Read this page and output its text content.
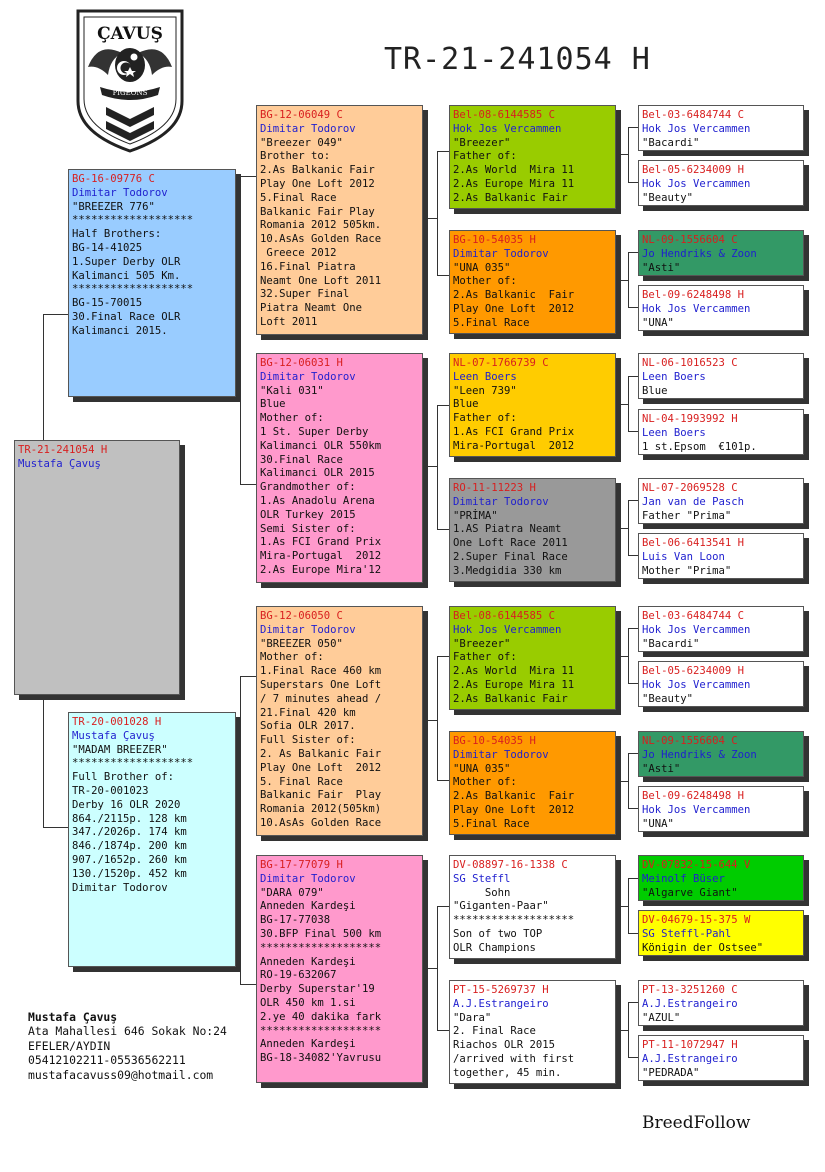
ÇAVUŞ
PIGEONS
TR-21-241054 H
TR-21-241054 H
Mustafa Çavuş
BG-16-09776 C
Dimitar Todorov
"BREEZER 776"
*******************
Half Brothers:
BG-14-41025
1.Super Derby OLR
Kalimanci 505 Km.
*******************
BG-15-70015
30.Final Race OLR
Kalimanci 2015.
TR-20-001028 H
Mustafa Çavuş
"MADAM BREEZER"
*******************
Full Brother of:
TR-20-001023
Derby 16 OLR 2020
864./2115p. 128 km
347./2026p. 174 km
846./1874p. 200 km
907./1652p. 260 km
130./1520p. 452 km
Dimitar Todorov
BG-12-06049 C
Dimitar Todorov
"Breezer 049"
Brother to:
2.As Balkanic Fair
Play One Loft 2012
5.Final Race
Balkanic Fair Play
Romania 2012 505km.
10.AsAs Golden Race
Greece 2012
16.Final Piatra
Neamt One Loft 2011
32.Super Final
Piatra Neamt One
Loft 2011
BG-12-06031 H
Dimitar Todorov
"Kali 031"
Blue
Mother of:
1 St. Super Derby
Kalimanci OLR 550km
30.Final Race
Kalimanci OLR 2015
Grandmother of:
1.As Anadolu Arena
OLR Turkey 2015
Semi Sister of:
1.As FCI Grand Prix
Mira-Portugal  2012
2.As Europe Mira'12
BG-12-06050 C
Dimitar Todorov
"BREEZER 050"
Mother of:
1.Final Race 460 km
Superstars One Loft
/ 7 minutes ahead /
21.Final 420 km
Sofia OLR 2017.
Full Sister of:
2. As Balkanic Fair
Play One Loft  2012
5. Final Race
Balkanic Fair  Play
Romania 2012(505km)
10.AsAs Golden Race
BG-17-77079 H
Dimitar Todorov
"DARA 079"
Anneden Kardeşi
BG-17-77038
30.BFP Final 500 km
*******************
Anneden Kardeşi
RO-19-632067
Derby Superstar'19
OLR 450 km 1.si
2.ye 40 dakika fark
*******************
Anneden Kardeşi
BG-18-34082'Yavrusu
Bel-08-6144585 C
Hok Jos Vercammen
"Breezer"
Father of:
2.As World  Mira 11
2.As Europe Mira 11
2.As Balkanic Fair
BG-10-54035 H
Dimitar Todorov
"UNA 035"
Mother of:
2.As Balkanic  Fair
Play One Loft  2012
5.Final Race
NL-07-1766739 C
Leen Boers
"Leen 739"
Blue
Father of:
1.As FCI Grand Prix
Mira-Portugal  2012
RO-11-11223 H
Dimitar Todorov
"PRİMA"
1.AS Piatra Neamt
One Loft Race 2011
2.Super Final Race
3.Medgidia 330 km
Bel-08-6144585 C
Hok Jos Vercammen
"Breezer"
Father of:
2.As World  Mira 11
2.As Europe Mira 11
2.As Balkanic Fair
BG-10-54035 H
Dimitar Todorov
"UNA 035"
Mother of:
2.As Balkanic  Fair
Play One Loft  2012
5.Final Race
DV-08897-16-1338 C
SG Steffl
Sohn
"Giganten-Paar"
*******************
Son of two TOP
OLR Champions
PT-15-5269737 H
A.J.Estrangeiro
"Dara"
2. Final Race
Riachos OLR 2015
/arrived with first
together, 45 min.
Bel-03-6484744 C
Hok Jos Vercammen
"Bacardi"
Bel-05-6234009 H
Hok Jos Vercammen
"Beauty"
NL-09-1556604 C
Jo Hendriks & Zoon
"Asti"
Bel-09-6248498 H
Hok Jos Vercammen
"UNA"
NL-06-1016523 C
Leen Boers
Blue
NL-04-1993992 H
Leen Boers
1 st.Epsom  €101p.
NL-07-2069528 C
Jan van de Pasch
Father "Prima"
Bel-06-6413541 H
Luis Van Loon
Mother "Prima"
Bel-03-6484744 C
Hok Jos Vercammen
"Bacardi"
Bel-05-6234009 H
Hok Jos Vercammen
"Beauty"
NL-09-1556604 C
Jo Hendriks & Zoon
"Asti"
Bel-09-6248498 H
Hok Jos Vercammen
"UNA"
DV-07832-15-644 V
Meinolf Büser
"Algarve Giant"
DV-04679-15-375 W
SG Steffl-Pahl
Königin der Ostsee"
PT-13-3251260 C
A.J.Estrangeiro
"AZUL"
PT-11-1072947 H
A.J.Estrangeiro
"PEDRADA"
Mustafa Çavuş
Ata Mahallesi 646 Sokak No:24
EFELER/AYDIN
05412102211-05536562211
mustafacavuss09@hotmail.com
BreedFollow
